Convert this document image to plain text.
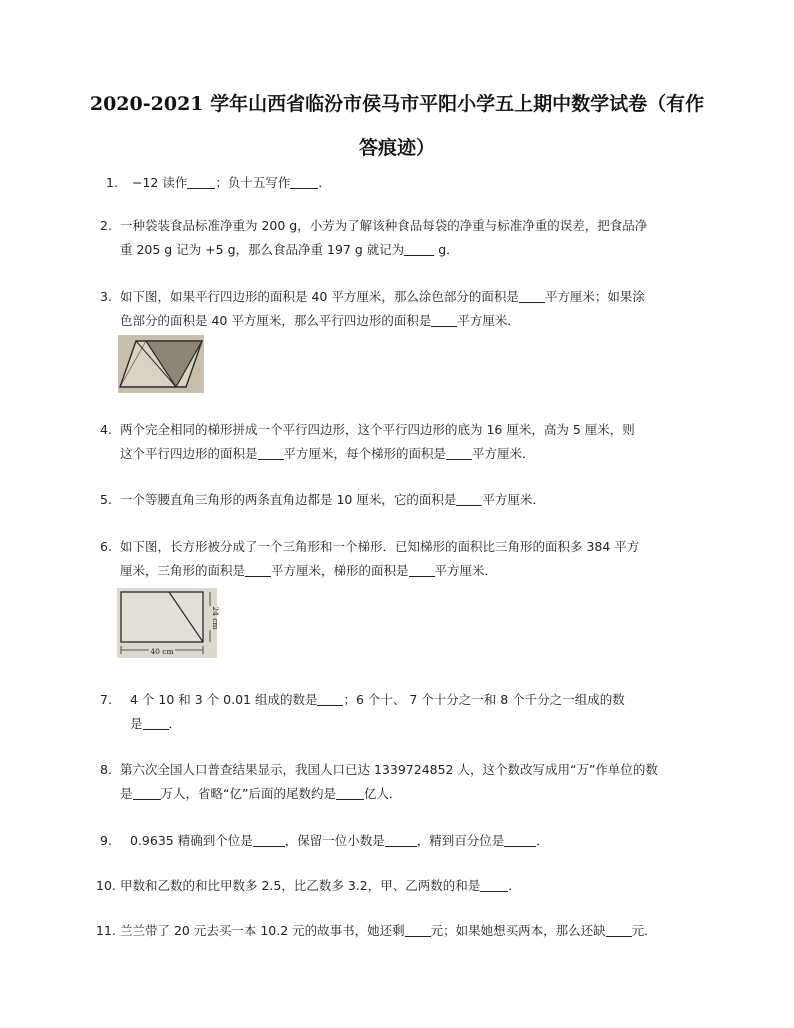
2020-2021 学年山西省临汾市侯马市平阳小学五上期中数学试卷（有作
答痕迹）
1.	−12 读作 ；负十五写作 ．

2. 一种袋装食品标准净重为 200 g，小芳为了解该种食品每袋的净重与标准净重的误差，把食品净

重 205 g 记为 +5 g，那么食品净重 197 g 就记为 g．

3. 如下图，如果平行四边形的面积是 40 平方厘米，那么涂色部分的面积是 平方厘米；如果涂

色部分的面积是 40 平方厘米，那么平行四边形的面积是 平方厘米．

4. 两个完全相同的梯形拼成一个平行四边形，这个平行四边形的底为 16 厘米，高为 5 厘米，则

这个平行四边形的面积是 平方厘米，每个梯形的面积是 平方厘米．

5. 一个等腰直角三角形的两条直角边都是 10 厘米，它的面积是 平方厘米．

6. 如下图，长方形被分成了一个三角形和一个梯形．已知梯形的面积比三角形的面积多 384 平方

厘米，三角形的面积是 平方厘米，梯形的面积是 平方厘米．

40 cm
24 cm
7.	4 个 10 和 3 个 0.01 组成的数是 ；6 个十、 7 个十分之一和 8 个千分之一组成的数

是 ．

8. 第六次全国人口普查结果显示，我国人口已达 1339724852 人，这个数改写成用“万”作单位的数

是 万人，省略“亿”后面的尾数约是 亿人．

9.	0.9635 精确到个位是	，保留一位小数是	，精到百分位是	．

10. 甲数和乙数的和比甲数多 2.5，比乙数多 3.2，甲、乙两数的和是 ．

11. 兰兰带了 20 元去买一本 10.2 元的故事书，她还剩 元；如果她想买两本，那么还缺 元．
